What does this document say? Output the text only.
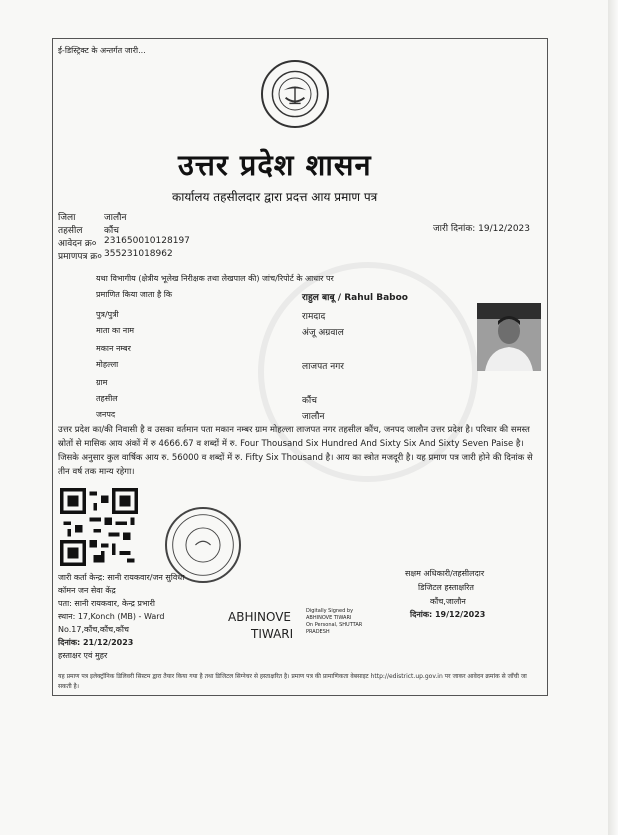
ई-डिस्ट्रिक्ट के अन्तर्गत जारी...
उत्तर प्रदेश शासन
कार्यालय तहसीलदार द्वारा प्रदत्त आय प्रमाण पत्र
जिला	जालौन
तहसील कौंच
आवेदन क्र० 231650010128197
प्रमाणपत्र क्र० 355231018962
जारी दिनांक: 19/12/2023
यथा विभागीय (क्षेत्रीय भूलेख निरीक्षक तथा लेखपाल की) जांच/रिपोर्ट के आधार पर
प्रमाणित किया जाता है कि	राहुल बाबू / Rahul Baboo
पुत्र/पुत्री	रामदाद
माता का नाम	अंजू अग्रवाल
मकान नम्बर
मोहल्ला	लाजपत नगर
ग्राम
तहसील	कौंच
जनपद	जालौन
उत्तर प्रदेश का/की निवासी है व उसका वर्तमान पता मकान नम्बर ग्राम मोहल्ला लाजपत नगर तहसील कौंच, जनपद जालौन उत्तर प्रदेश है। परिवार की समस्त स्रोतों से मासिक आय अंकों में रु 4666.67 व शब्दों में रु. Four Thousand Six Hundred And Sixty Six And Sixty Seven Paise है। जिसके अनुसार कुल वार्षिक आय रु. 56000 व शब्दों में रु. Fifty Six Thousand है। आय का स्त्रोत मजदूरी है। यह प्रमाण पत्र जारी होने की दिनांक से तीन वर्ष तक मान्य रहेगा।
जारी कर्ता केन्द्र: सानी रायकवार/जन सुविधा
कॉमन जन सेवा केंद्र
पता: सानी रायकवार, केन्द्र प्रभारी
स्थान: 17,Konch (MB) - Ward
No.17,कौंच,कौंच,कौंच
दिनांक: 21/12/2023
हस्ताक्षर एवं मुहर
ABHINOVE
TIWARI
Digitally Signed by
ABHINOVE TIWARI
On Personal, SHUTTAR
PRADESH
सक्षम अधिकारी/तहसीलदार
डिजिटल हस्ताक्षरित
कौंच,जालौन
दिनांक: 19/12/2023
यह प्रमाण पत्र इलेक्ट्रॉनिक डिलिवरी सिस्टम द्वारा तैयार किया गया है तथा डिजिटल सिग्नेचर से हस्ताक्षरित है। प्रमाण पत्र की प्रामाणिकता वेबसाइट http://edistrict.up.gov.in पर जाकर आवेदन क्रमांक से जाँची जा सकती है।
